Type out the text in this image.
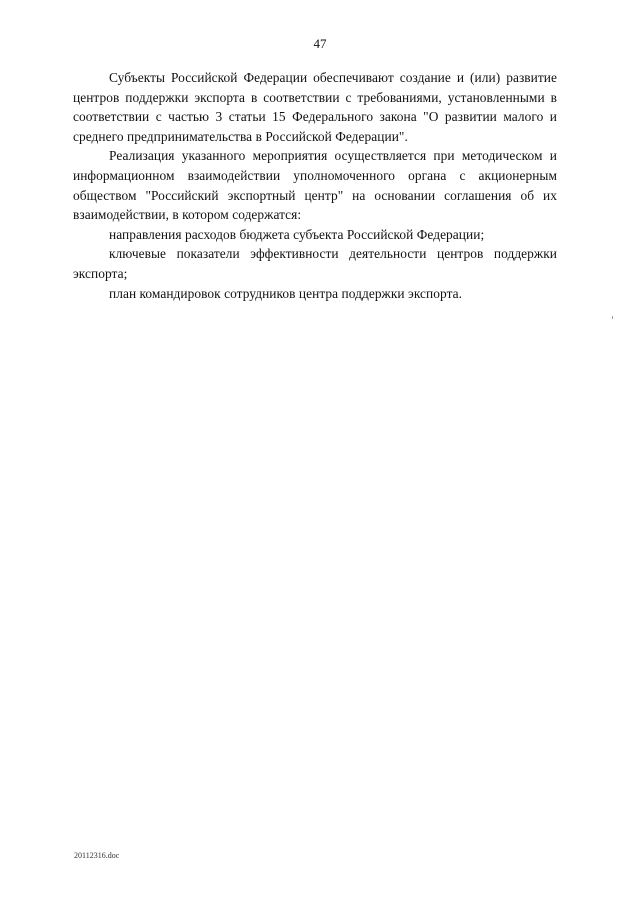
47

Субъекты Российской Федерации обеспечивают создание и (или) развитие центров поддержки экспорта в соответствии с требованиями, установленными в соответствии с частью 3 статьи 15 Федерального закона "О развитии малого и среднего предпринимательства в Российской Федерации".

Реализация указанного мероприятия осуществляется при методическом и информационном взаимодействии уполномоченного органа с акционерным обществом "Российский экспортный центр" на основании соглашения об их взаимодействии, в котором содержатся:

направления расходов бюджета субъекта Российской Федерации;

ключевые показатели эффективности деятельности центров поддержки экспорта;

план командировок сотрудников центра поддержки экспорта.

20112316.doc
